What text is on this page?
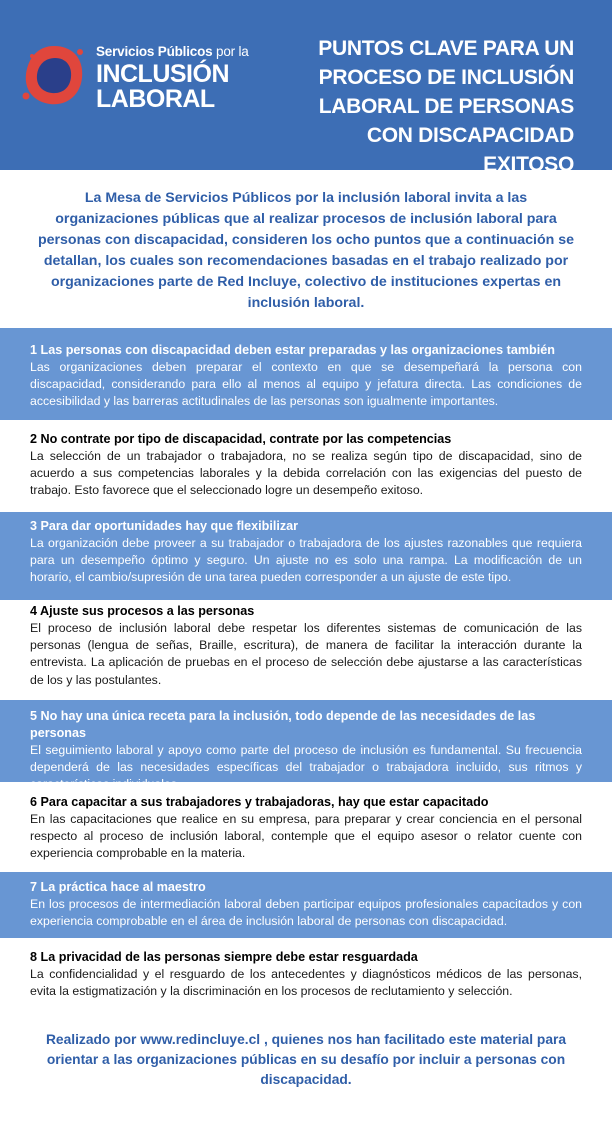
Servicios Públicos por la
INCLUSIÓN
LABORAL
PUNTOS CLAVE PARA UN PROCESO DE INCLUSIÓN LABORAL DE PERSONAS CON DISCAPACIDAD EXITOSO
La Mesa de Servicios Públicos por la inclusión laboral invita a las organizaciones públicas que al realizar procesos de inclusión laboral para personas con discapacidad, consideren los ocho puntos que a continuación se detallan, los cuales son recomendaciones basadas en el trabajo realizado por organizaciones parte de Red Incluye, colectivo de instituciones expertas en inclusión laboral.
1 Las personas con discapacidad deben estar preparadas y las organizaciones también
Las organizaciones deben preparar el contexto en que se desempeñará la persona con discapacidad, considerando para ello al menos al equipo y jefatura directa. Las condiciones de accesibilidad y las barreras actitudinales de las personas son igualmente importantes.
2 No contrate por tipo de discapacidad, contrate por las competencias
La selección de un trabajador o trabajadora, no se realiza según tipo de discapacidad, sino de acuerdo a sus competencias laborales y la debida correlación con las exigencias del puesto de trabajo. Esto favorece que el seleccionado logre un desempeño exitoso.
3 Para dar oportunidades hay que flexibilizar
La organización debe proveer a su trabajador o trabajadora de los ajustes razonables que requiera para un desempeño óptimo y seguro. Un ajuste no es solo una rampa. La modificación de un horario, el cambio/supresión de una tarea pueden corresponder a un ajuste de este tipo.
4 Ajuste sus procesos a las personas
El proceso de inclusión laboral debe respetar los diferentes sistemas de comunicación de las personas (lengua de señas, Braille, escritura), de manera de facilitar la interacción durante la entrevista. La aplicación de pruebas en el proceso de selección debe ajustarse a las características de los y las postulantes.
5 No hay una única receta para la inclusión, todo depende de las necesidades de las personas
El seguimiento laboral y apoyo como parte del proceso de inclusión es fundamental. Su frecuencia dependerá de las necesidades específicas del trabajador o trabajadora incluido, sus ritmos y características individuales.
6 Para capacitar a sus trabajadores y trabajadoras, hay que estar capacitado
En las capacitaciones que realice en su empresa, para preparar y crear conciencia en el personal respecto al proceso de inclusión laboral, contemple que el equipo asesor o relator cuente con experiencia comprobable en la materia.
7 La práctica hace al maestro
En los procesos de intermediación laboral deben participar equipos profesionales capacitados y con experiencia comprobable en el área de inclusión laboral de personas con discapacidad.
8 La privacidad de las personas siempre debe estar resguardada
La confidencialidad y el resguardo de los antecedentes y diagnósticos médicos de las personas, evita la estigmatización y la discriminación en los procesos de reclutamiento y selección.
Realizado por www.redincluye.cl , quienes nos han facilitado este material para orientar a las organizaciones públicas en su desafío por incluir a personas con discapacidad.
